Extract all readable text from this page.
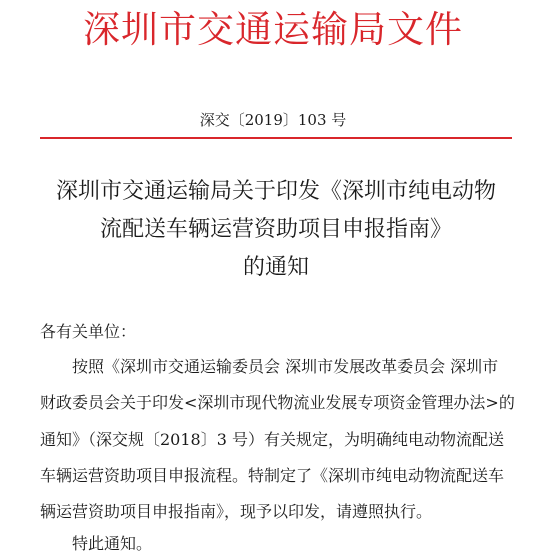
深圳市交通运输局文件
深交〔2019〕103 号
深圳市交通运输局关于印发《深圳市纯电动物
流配送车辆运营资助项目申报指南》
的通知
各有关单位：
按照《深圳市交通运输委员会 深圳市发展改革委员会 深圳市
财政委员会关于印发<深圳市现代物流业发展专项资金管理办法>的
通知》（深交规〔2018〕3 号）有关规定，为明确纯电动物流配送
车辆运营资助项目申报流程。特制定了《深圳市纯电动物流配送车
辆运营资助项目申报指南》，现予以印发，请遵照执行。
特此通知。
